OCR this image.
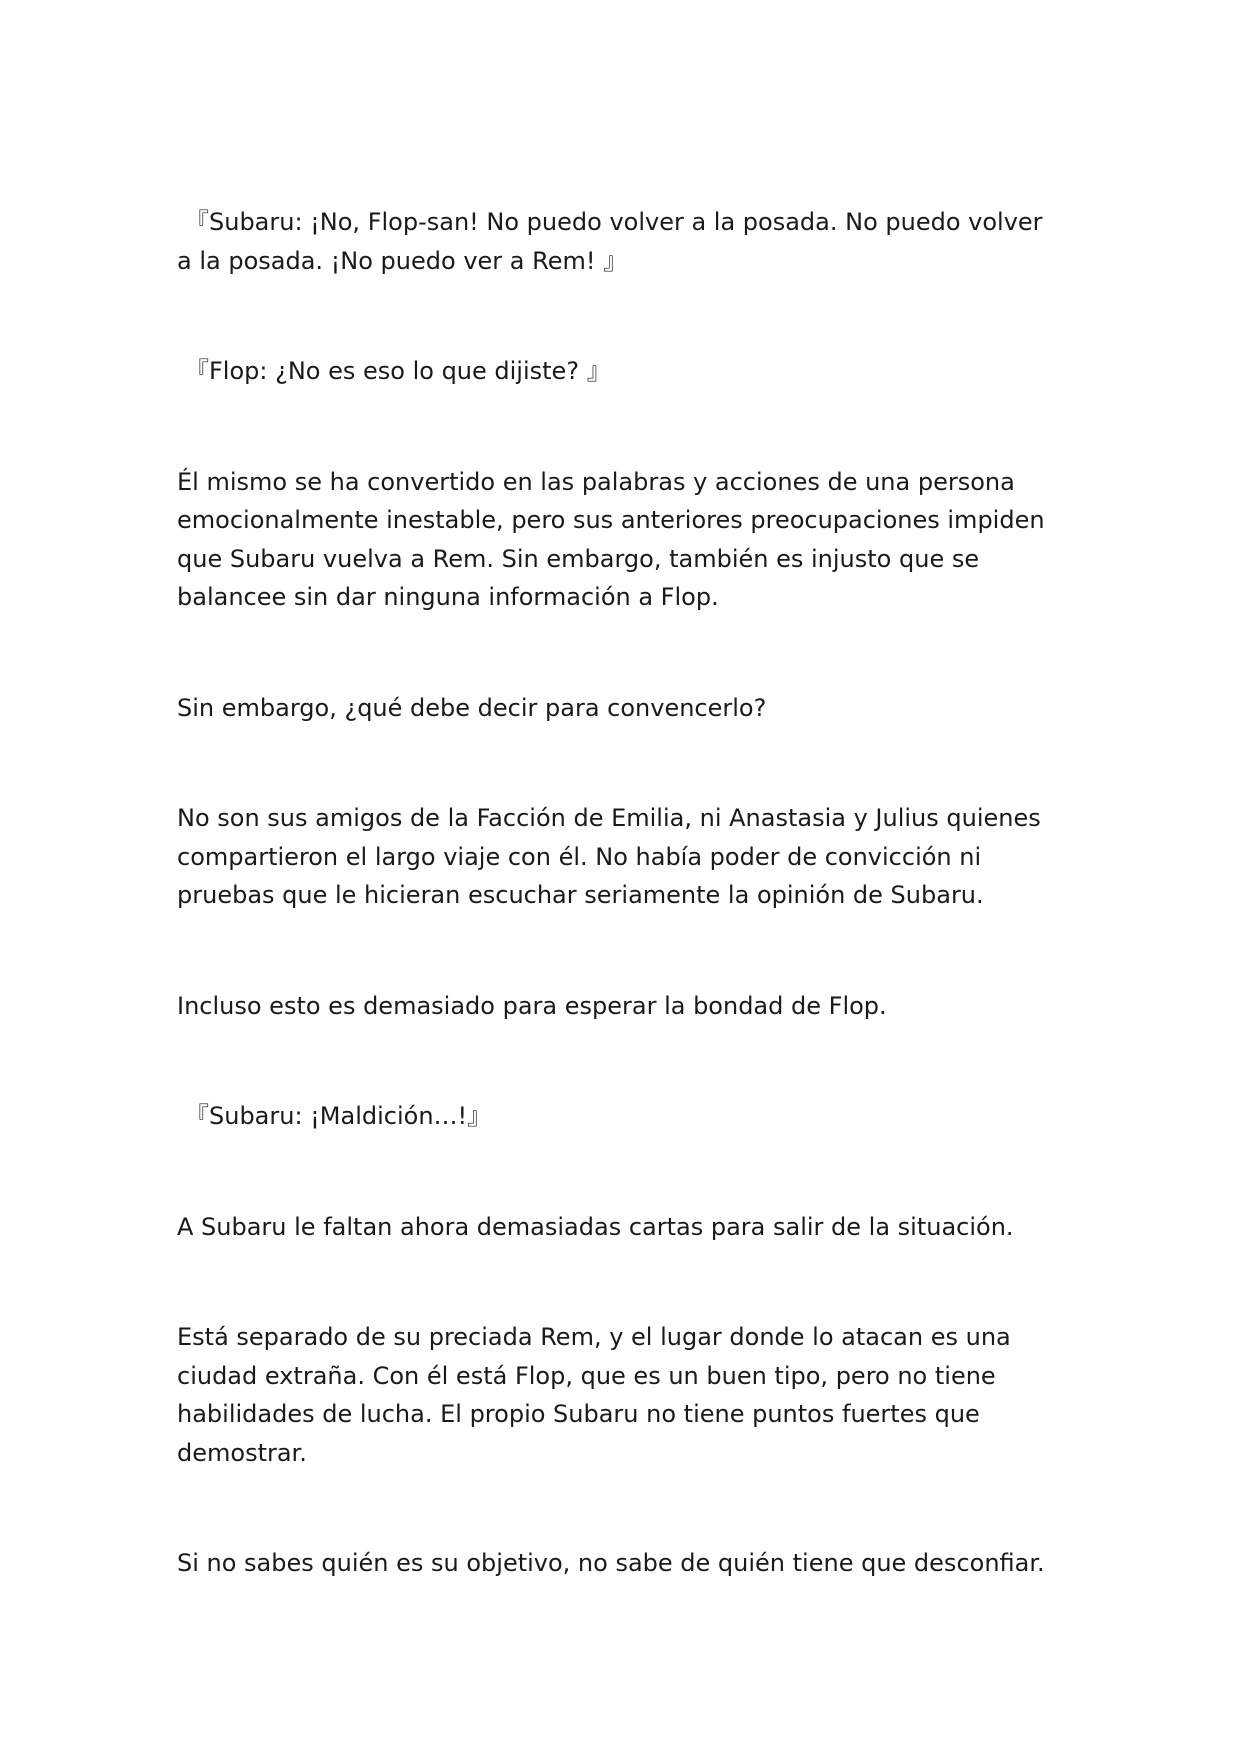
『Subaru: ¡No, Flop-san! No puedo volver a la posada. No puedo volver a la posada. ¡No puedo ver a Rem! 』

『Flop: ¿No es eso lo que dijiste? 』

Él mismo se ha convertido en las palabras y acciones de una persona emocionalmente inestable, pero sus anteriores preocupaciones impiden que Subaru vuelva a Rem. Sin embargo, también es injusto que se balancee sin dar ninguna información a Flop.

Sin embargo, ¿qué debe decir para convencerlo?

No son sus amigos de la Facción de Emilia, ni Anastasia y Julius quienes compartieron el largo viaje con él. No había poder de convicción ni pruebas que le hicieran escuchar seriamente la opinión de Subaru.

Incluso esto es demasiado para esperar la bondad de Flop.

『Subaru: ¡Maldición…!』

A Subaru le faltan ahora demasiadas cartas para salir de la situación.

Está separado de su preciada Rem, y el lugar donde lo atacan es una ciudad extraña. Con él está Flop, que es un buen tipo, pero no tiene habilidades de lucha. El propio Subaru no tiene puntos fuertes que demostrar.

Si no sabes quién es su objetivo, no sabe de quién tiene que desconfiar.
